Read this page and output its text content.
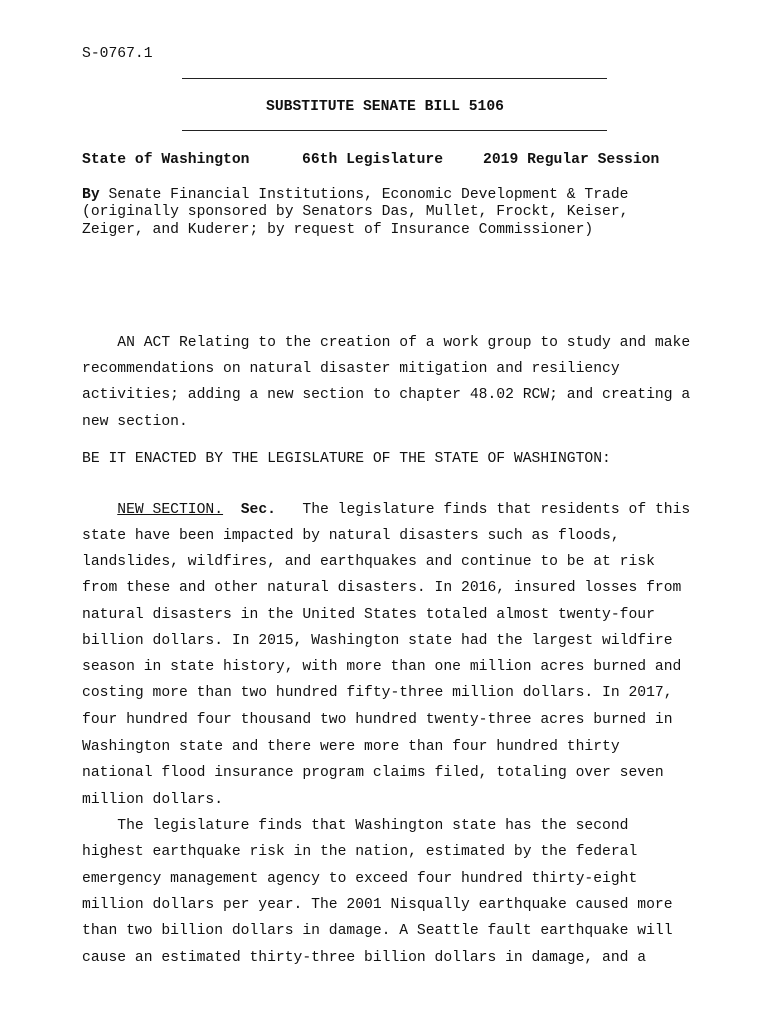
S-0767.1
SUBSTITUTE SENATE BILL 5106
State of Washington	66th Legislature	2019 Regular Session
By Senate Financial Institutions, Economic Development & Trade
(originally sponsored by Senators Das, Mullet, Frockt, Keiser,
Zeiger, and Kuderer; by request of Insurance Commissioner)
AN ACT Relating to the creation of a work group to study and make
recommendations on natural disaster mitigation and resiliency
activities; adding a new section to chapter 48.02 RCW; and creating a
new section.
BE IT ENACTED BY THE LEGISLATURE OF THE STATE OF WASHINGTON:
NEW SECTION. Sec. The legislature finds that residents of this
state have been impacted by natural disasters such as floods,
landslides, wildfires, and earthquakes and continue to be at risk
from these and other natural disasters. In 2016, insured losses from
natural disasters in the United States totaled almost twenty-four
billion dollars. In 2015, Washington state had the largest wildfire
season in state history, with more than one million acres burned and
costing more than two hundred fifty-three million dollars. In 2017,
four hundred four thousand two hundred twenty-three acres burned in
Washington state and there were more than four hundred thirty
national flood insurance program claims filed, totaling over seven
million dollars.
The legislature finds that Washington state has the second
highest earthquake risk in the nation, estimated by the federal
emergency management agency to exceed four hundred thirty-eight
million dollars per year. The 2001 Nisqually earthquake caused more
than two billion dollars in damage. A Seattle fault earthquake will
cause an estimated thirty-three billion dollars in damage, and a
